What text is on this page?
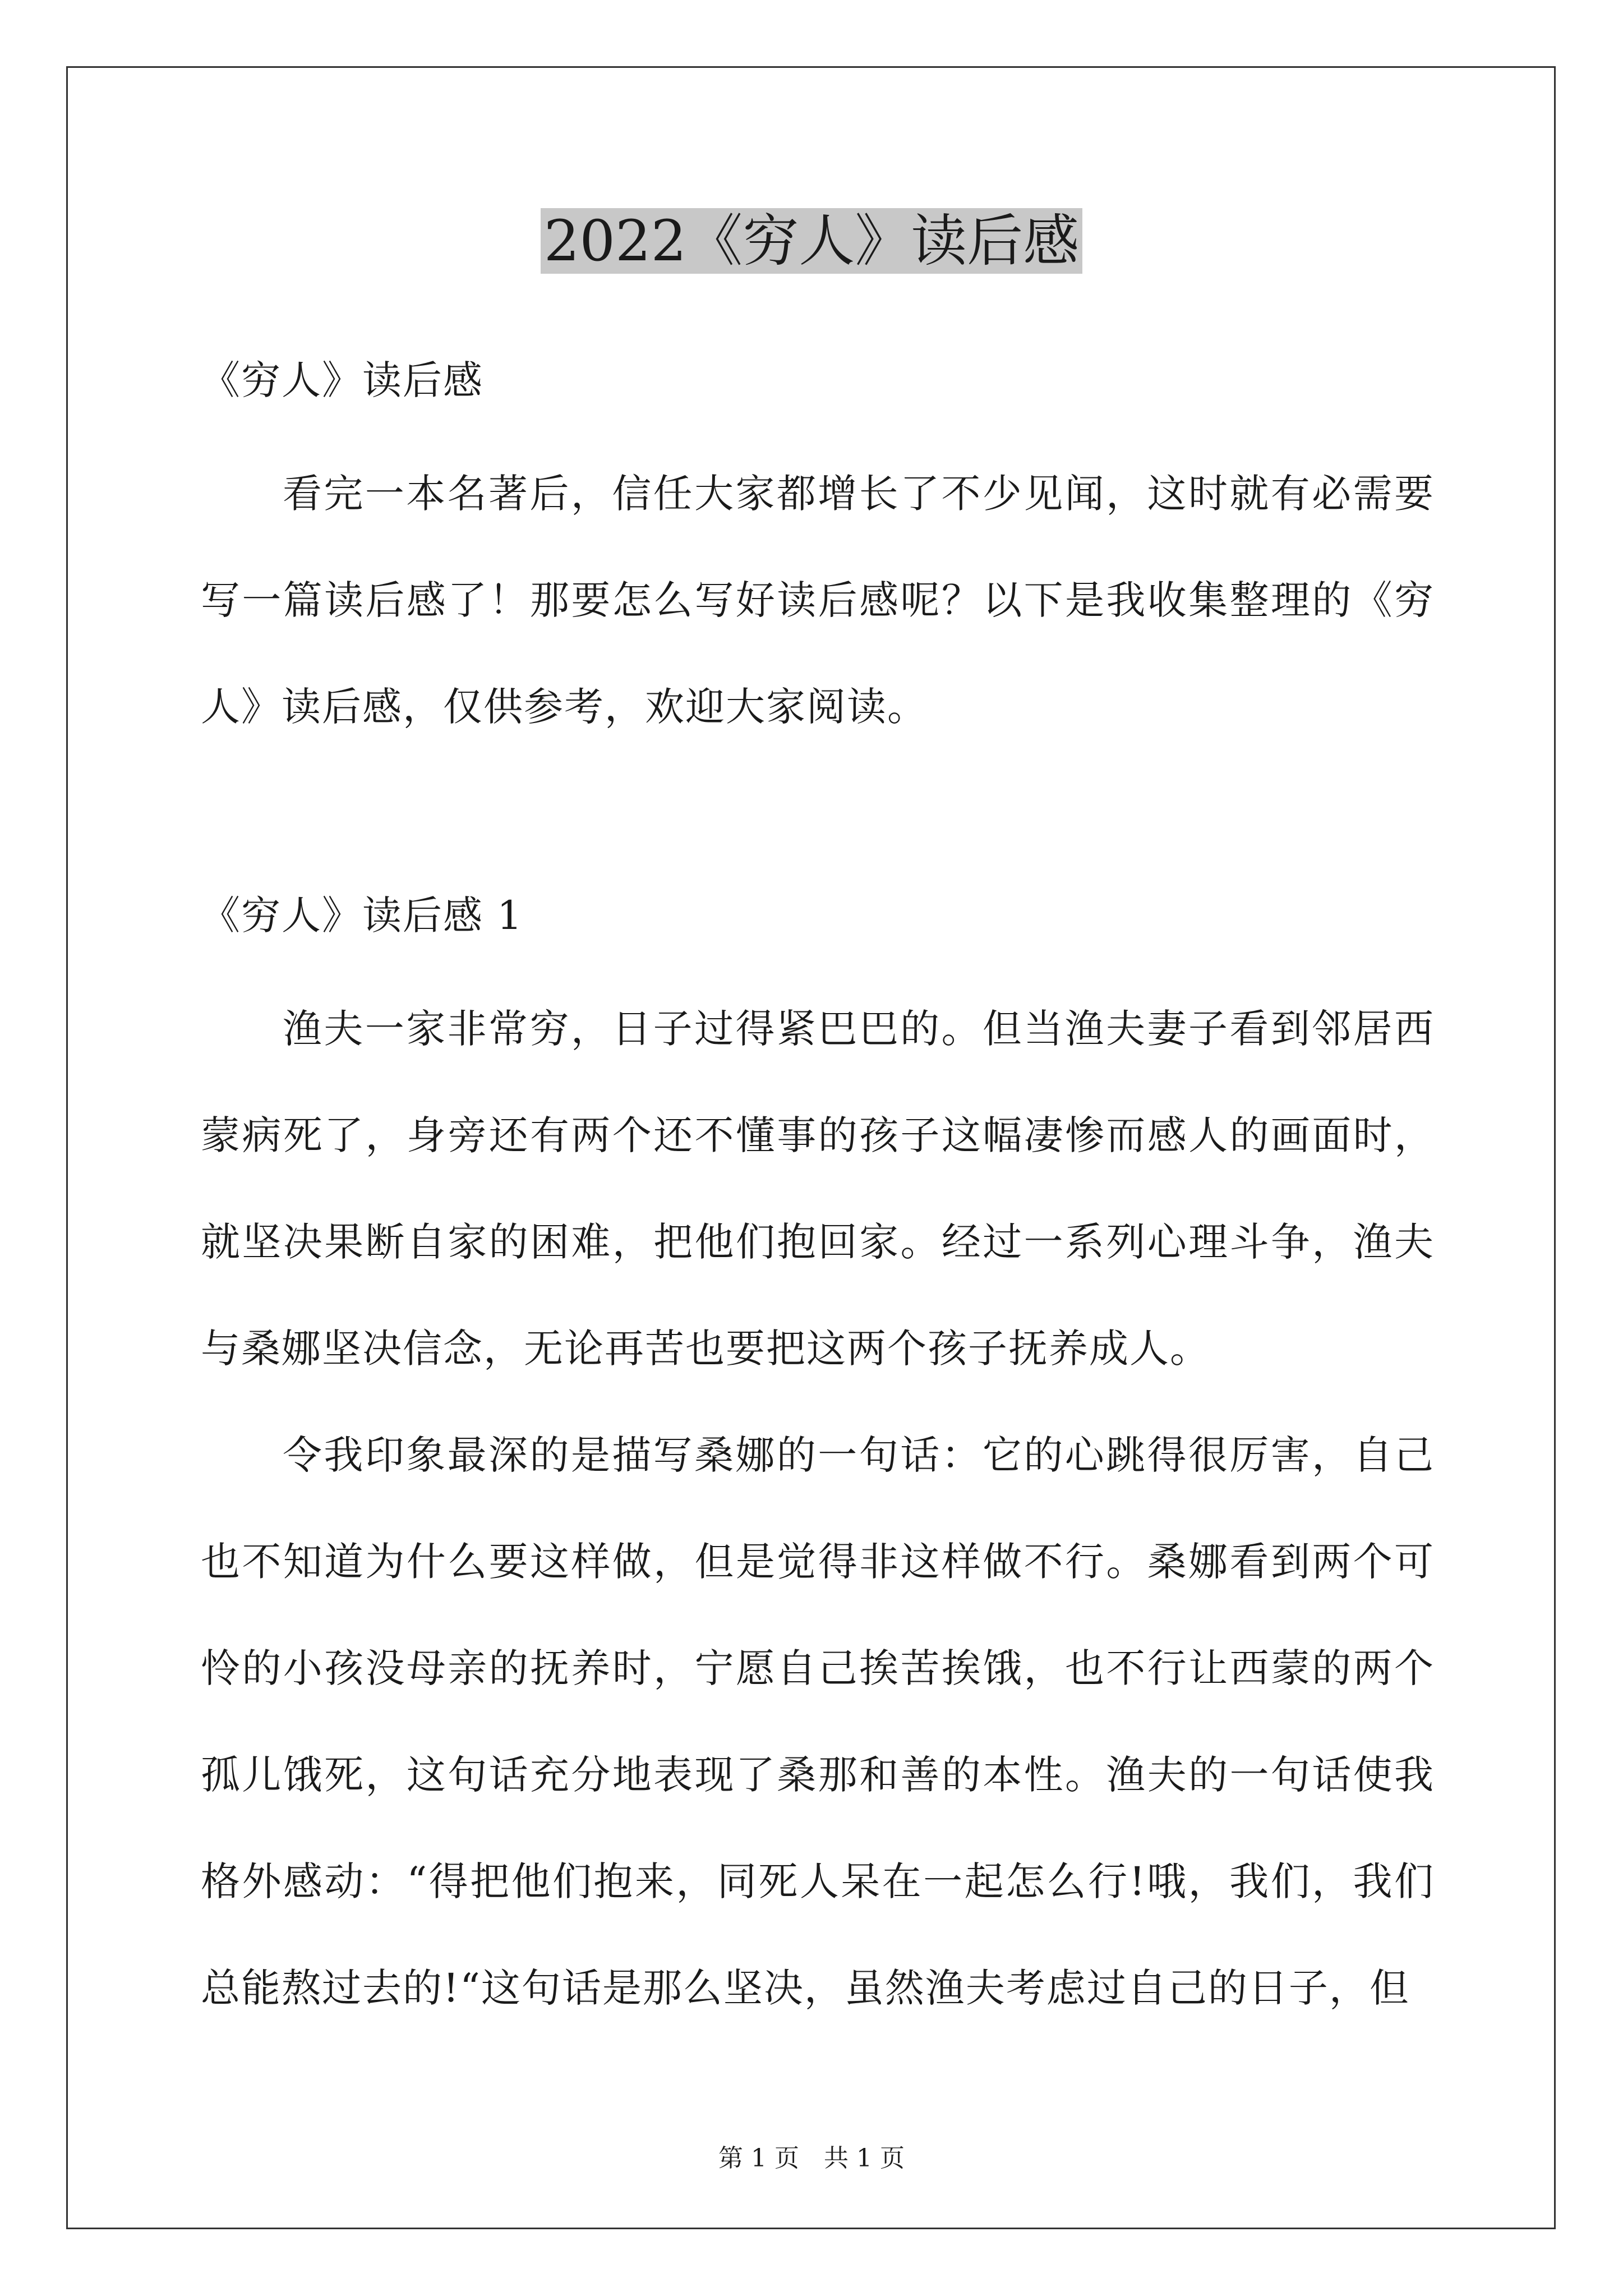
2022《穷人》读后感

《穷人》读后感

看完一本名著后，信任大家都增长了不少见闻，这时就有必需要写一篇读后感了！那要怎么写好读后感呢？以下是我收集整理的《穷人》读后感，仅供参考，欢迎大家阅读。

《穷人》读后感 1

渔夫一家非常穷，日子过得紧巴巴的。但当渔夫妻子看到邻居西蒙病死了，身旁还有两个还不懂事的孩子这幅凄惨而感人的画面时，就坚决果断自家的困难，把他们抱回家。经过一系列心理斗争，渔夫与桑娜坚决信念，无论再苦也要把这两个孩子抚养成人。

令我印象最深的是描写桑娜的一句话：它的心跳得很厉害，自己也不知道为什么要这样做，但是觉得非这样做不行。桑娜看到两个可怜的小孩没母亲的抚养时，宁愿自己挨苦挨饿，也不行让西蒙的两个孤儿饿死，这句话充分地表现了桑那和善的本性。渔夫的一句话使我格外感动：“得把他们抱来，同死人呆在一起怎么行!哦，我们，我们总能熬过去的!“这句话是那么坚决，虽然渔夫考虑过自己的日子，但

第 1 页 共 1 页
